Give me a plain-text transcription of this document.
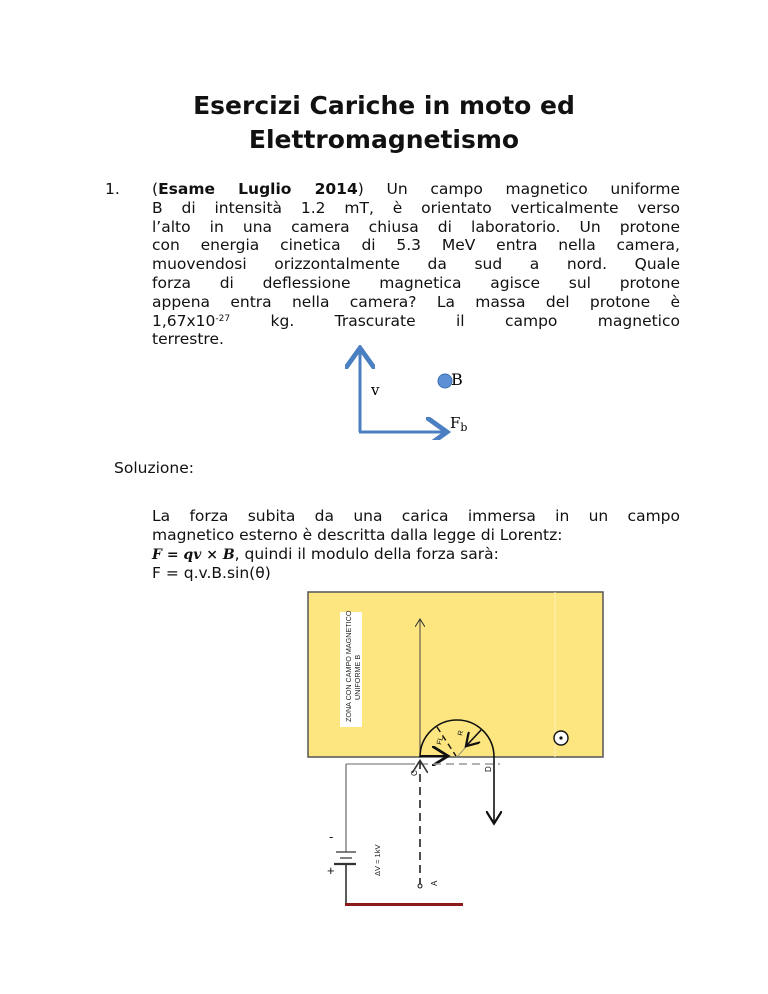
Esercizi Cariche in moto ed
Elettromagnetismo
1. (Esame Luglio 2014) Un campo magnetico uniforme
B di intensità 1.2 mT, è orientato verticalmente verso
l’alto in una camera chiusa di laboratorio. Un protone
con energia cinetica di 5.3 MeV entra nella camera,
muovendosi orizzontalmente da sud a nord. Quale
forza di deflessione magnetica agisce sul protone
appena entra nella camera? La massa del protone è
$1,67x10^{-27}$ kg. Trascurate il campo magnetico
terrestre.
v
B
$F_b$
Soluzione:
La forza subita da una carica immersa in un campo
magnetico esterno è descritta dalla legge di Lorentz:
F = qv × B, quindi il modulo della forza sarà:
F = q.v.B.sin(θ)
ZONA CON CAMPO MAGNETICO UNIFORME B
FL
R
C
D
A
-
+	ΔV = 1kV
